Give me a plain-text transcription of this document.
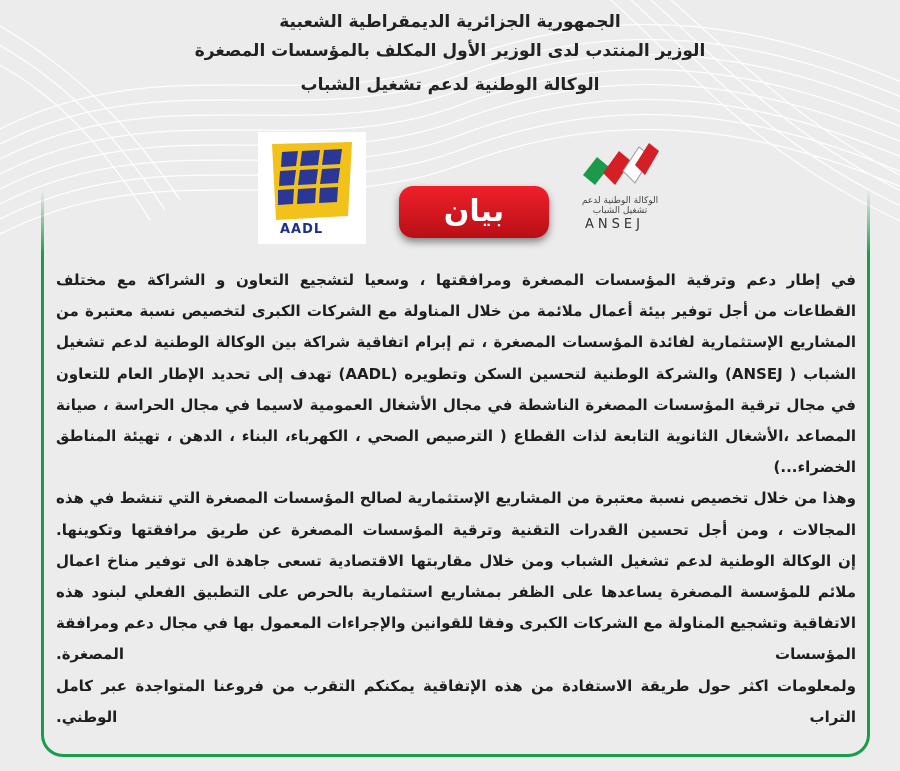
الجمهورية الجزائرية الديمقراطية الشعبية
الوزير المنتدب لدى الوزير الأول المكلف بالمؤسسات المصغرة
الوكالة الوطنية لدعم تشغيل الشباب
AADL
بيان	الوكالة الوطنية لدعم تشغيل الشباب
ANSEJ

في إطار دعم وترقية المؤسسات المصغرة ومرافقتها ، وسعيا لتشجيع التعاون و الشراكة مع مختلف القطاعات من أجل توفير بيئة أعمال ملائمة من خلال المناولة مع الشركات الكبرى لتخصيص نسبة معتبرة من المشاريع الإستثمارية لفائدة المؤسسات المصغرة ، تم إبرام اتفاقية شراكة بين الوكالة الوطنية لدعم تشغيل الشباب ( ANSEJ) والشركة الوطنية لتحسين السكن وتطويره (AADL) تهدف إلى تحديد الإطار العام للتعاون في مجال ترقية المؤسسات المصغرة الناشطة في مجال الأشغال العمومية لاسيما في مجال الحراسة ، صيانة المصاعد ،الأشغال الثانوية التابعة لذات القطاع ( الترصيص الصحي ، الكهرباء، البناء ، الدهن ، تهيئة المناطق الخضراء...)

وهذا من خلال تخصيص نسبة معتبرة من المشاريع الإستثمارية لصالح المؤسسات المصغرة التي تنشط في هذه المجالات ، ومن أجل تحسين القدرات التقنية وترقية المؤسسات المصغرة عن طريق مرافقتها وتكوينها.

إن الوكالة الوطنية لدعم تشغيل الشباب ومن خلال مقاربتها الاقتصادية تسعى جاهدة الى توفير مناخ اعمال ملائم للمؤسسة المصغرة يساعدها على الظفر بمشاريع استثمارية بالحرص على التطبيق الفعلي لبنود هذه الاتفاقية وتشجيع المناولة مع الشركات الكبرى وفقا للقوانين والإجراءات المعمول بها في مجال دعم ومرافقة المؤسسات المصغرة.

ولمعلومات اكثر حول طريقة الاستفادة من هذه الإتفاقية يمكنكم التقرب من فروعنا المتواجدة عبر كامل التراب الوطني.
